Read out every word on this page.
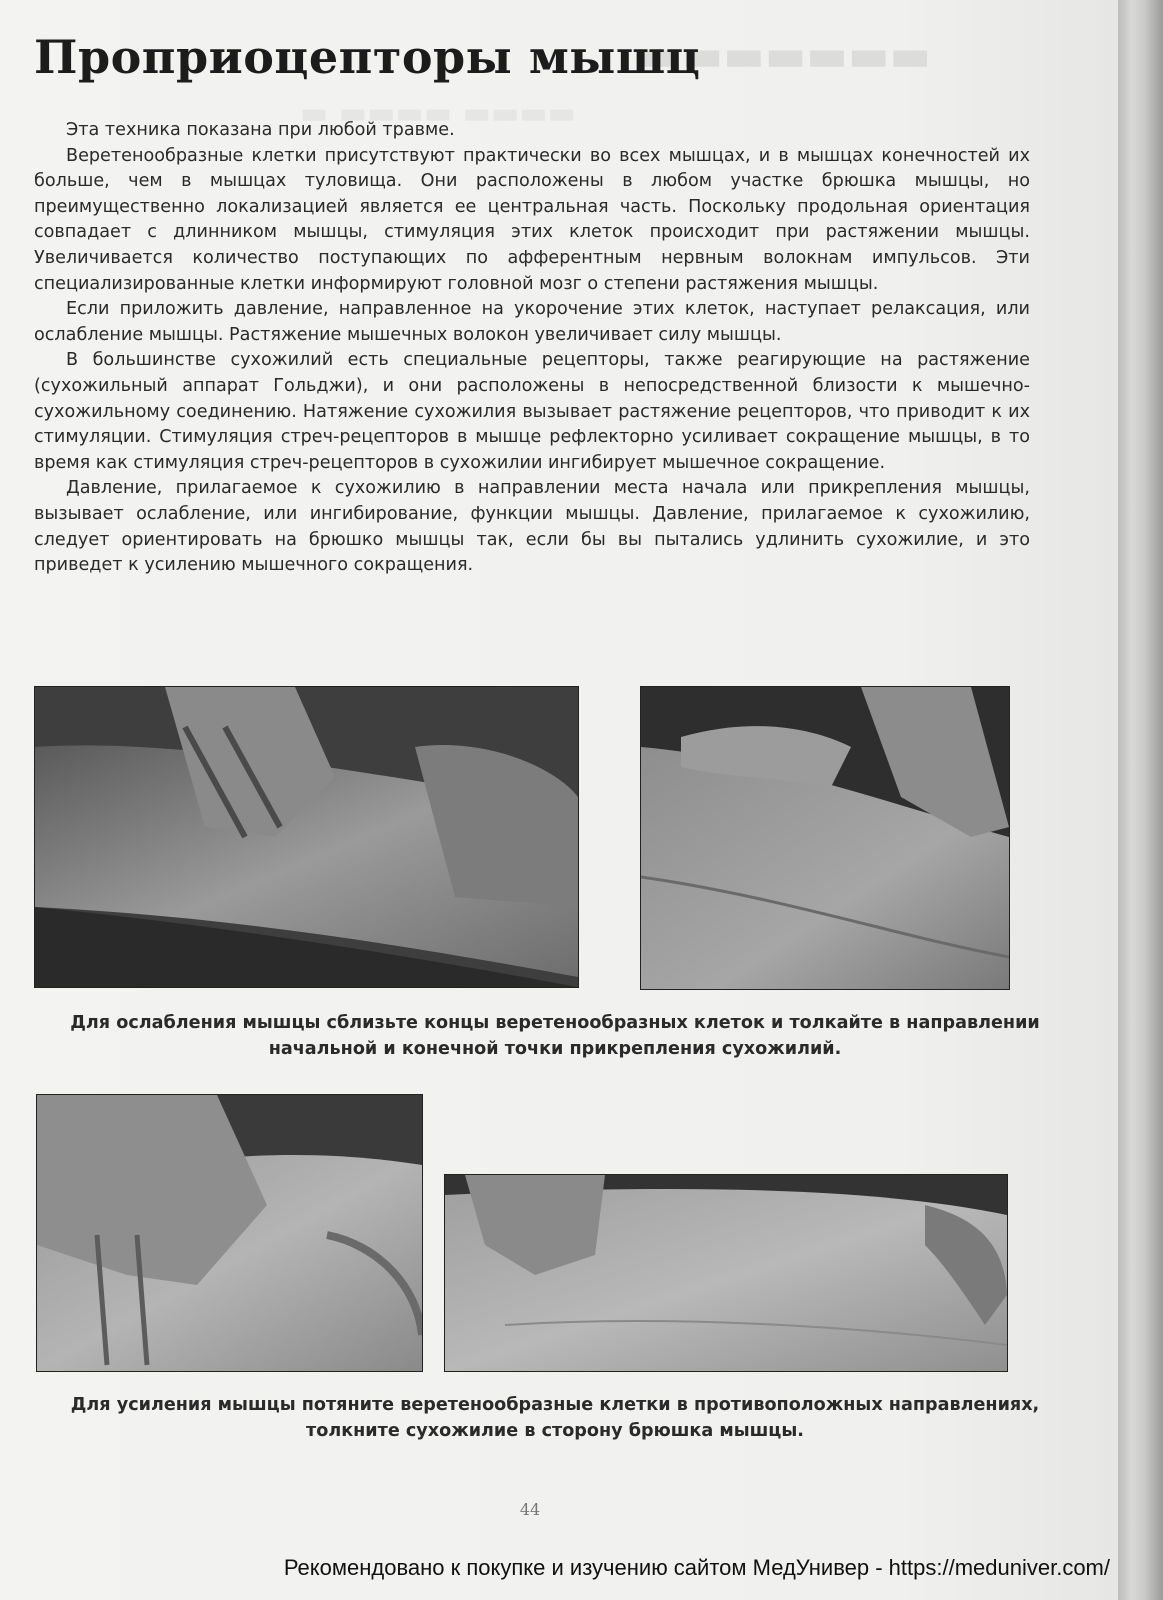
▬▬▬▬▬▬▬
▬ ▬▬▬▬ ▬▬▬▬
Проприоцепторы мышц

Эта техника показана при любой травме.

Веретенообразные клетки присутствуют практически во всех мышцах, и в мышцах конечностей их больше, чем в мышцах туловища. Они расположены в любом участке брюшка мышцы, но преимущественно локализацией является ее центральная часть. Поскольку продольная ориентация совпадает с длинником мышцы, стимуляция этих клеток происходит при растяжении мышцы. Увеличивается количество поступающих по афферентным нервным волокнам импульсов. Эти специализированные клетки информируют головной мозг о степени растяжения мышцы.

Если приложить давление, направленное на укорочение этих клеток, наступает релаксация, или ослабление мышцы. Растяжение мышечных волокон увеличивает силу мышцы.

В большинстве сухожилий есть специальные рецепторы, также реагирующие на растяжение (сухожильный аппарат Гольджи), и они расположены в непосредственной близости к мышечно-сухожильному соединению. Натяжение сухожилия вызывает растяжение рецепторов, что приводит к их стимуляции. Стимуляция стреч-рецепторов в мышце рефлекторно усиливает сокращение мышцы, в то время как стимуляция стреч-рецепторов в сухожилии ингибирует мышечное сокращение.

Давление, прилагаемое к сухожилию в направлении места начала или прикрепления мышцы, вызывает ослабление, или ингибирование, функции мышцы. Давление, прилагаемое к сухожилию, следует ориентировать на брюшко мышцы так, если бы вы пытались удлинить сухожилие, и это приведет к усилению мышечного сокращения.

Для ослабления мышцы сблизьте концы веретенообразных клеток и толкайте в направлении начальной и конечной точки прикрепления сухожилий.
Для усиления мышцы потяните веретенообразные клетки в противоположных направлениях, толкните сухожилие в сторону брюшка мышцы.
44
Рекомендовано к покупке и изучению сайтом МедУнивер - https://meduniver.com/
